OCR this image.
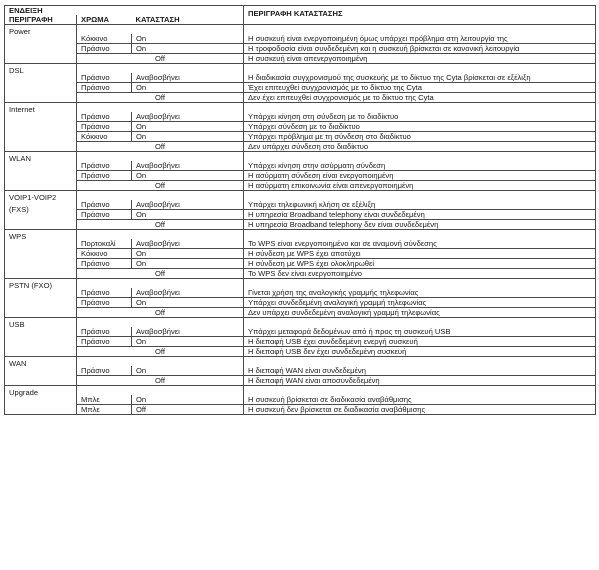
ΕΝΔΕΙΞΗ			ΠΕΡΙΓΡΑΦΗ ΚΑΤΑΣΤΑΣΗΣ
ΠΕΡΙΓΡΑΦΗ	ΧΡΩΜΑ	ΚΑΤΑΣΤΑΣΗ	

Power			

	Κόκκινο	On	Η συσκευή είναι ενεργοποιημένη όμως υπάρχει πρόβλημα στη λειτουργία της
	Πράσινο	On	Η τροφοδοσία είναι συνδεδεμένη και η συσκευή βρίσκεται σε κανονική λειτουργία
	Off		Η συσκευή είναι απενεργοποιημένη

DSL			

	Πράσινο	Αναβοσβήνει	Η διαδικασία συγχρονισμού της συσκευής με το δίκτυο της Cyta βρίσκεται σε εξέλιξη
	Πράσινο	On	Έχει επιτευχθεί συγχρονισμός με το δίκτυο της Cyta
	Off		Δεν έχει επιτευχθεί συγχρονισμός με το δίκτυο της Cyta

Internet			

	Πράσινο	Αναβοσβήνει	Υπάρχει κίνηση στη σύνδεση με το διαδίκτυο
	Πράσινο	On	Υπάρχει σύνδεση με το διαδίκτυο
	Κόκκινο	On	Υπάρχει πρόβλημα με τη σύνδεση στο διαδίκτυο
	Off		Δεν υπάρχει σύνδεση στο διαδίκτυο

WLAN			

	Πράσινο	Αναβοσβήνει	Υπάρχει κίνηση στην ασύρματη σύνδεση
	Πράσινο	On	Η ασύρματη σύνδεση είναι ενεργοποιημένη
	Off		Η ασύρματη επικοινωνία είναι απενεργοποιημένη

VOIP1-VOIP2
(FXS)			

	Πράσινο	Αναβοσβήνει	Υπάρχει τηλεφωνική κλήση σε εξέλιξη
	Πράσινο	On	Η υπηρεσία Broadband telephony είναι συνδεδεμένη
	Off		Η υπηρεσία Broadband telephony δεν είναι συνδεδεμένη

WPS			

	Πορτοκαλί	Αναβοσβήνει	Το WPS είναι ενεργοποιημένο και σε αναμονή σύνδεσης
	Κόκκινο	On	Η σύνδεση με WPS έχει αποτύχει
	Πράσινο	On	Η σύνδεση με WPS έχει ολοκληρωθεί
	Off		Το WPS δεν είναι ενεργοποιημένο

PSTN (FXO)			

	Πράσινο	Αναβοσβήνει	Γίνεται χρήση της αναλογικής γραμμής τηλεφωνίας
	Πράσινο	On	Υπάρχει συνδεδεμένη αναλογική γραμμή τηλεφωνίας
	Off		Δεν υπάρχει συνδεδεμένη αναλογική γραμμή τηλεφωνίας

USB			

	Πράσινο	Αναβοσβήνει	Υπάρχει μεταφορά δεδομένων από ή προς τη συσκευή USB
	Πράσινο	On	Η διεπαφή USB έχει συνδεδεμένη ενεργή συσκευή
	Off		Η διεπαφή USB δεν έχει συνδεδεμένη συσκευή

WAN			

	Πράσινο	On	Η διεπαφή WAN είναι συνδεδεμένη
	Off		Η διεπαφή WAN είναι αποσυνδεδεμένη

Upgrade			

	Μπλε	On	Η συσκευή βρίσκεται σε διαδικασία αναβάθμισης
	Μπλε	Off	Η συσκευή δεν βρίσκεται σε διαδικασία αναβάθμισης
